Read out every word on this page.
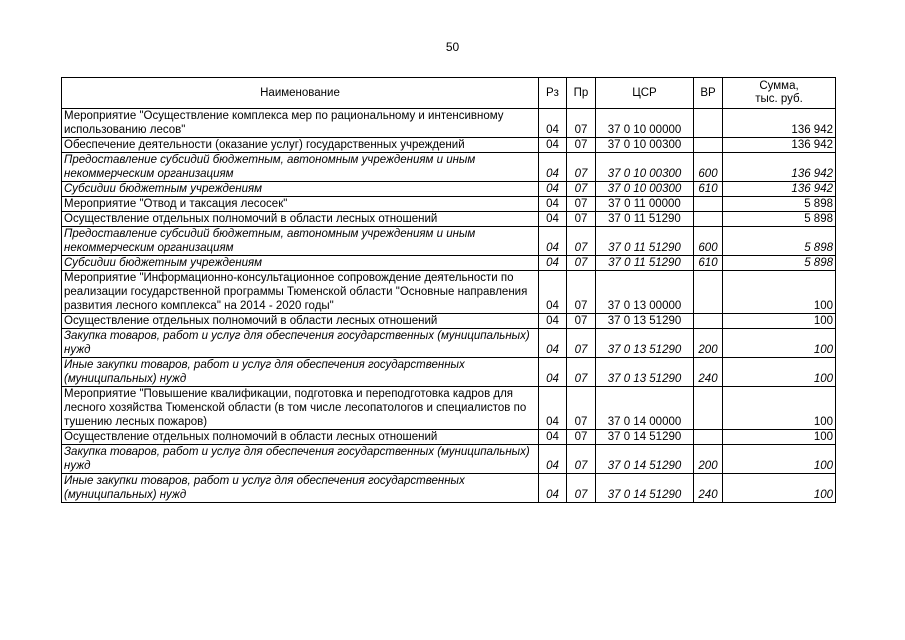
50
Наименование	Рз	Пр	ЦСР	ВР	Сумма,
тыс. руб.
Мероприятие "Осуществление комплекса мер по рациональному и интенсивному использованию лесов"	04	07	37 0 10 00000		136 942
Обеспечение деятельности (оказание услуг) государственных учреждений	04	07	37 0 10 00300		136 942
Предоставление субсидий бюджетным, автономным учреждениям и иным некоммерческим организациям	04	07	37 0 10 00300	600	136 942
Субсидии бюджетным учреждениям	04	07	37 0 10 00300	610	136 942
Мероприятие "Отвод и таксация лесосек"	04	07	37 0 11 00000		5 898
Осуществление отдельных полномочий в области лесных отношений	04	07	37 0 11 51290		5 898
Предоставление субсидий бюджетным, автономным учреждениям и иным некоммерческим организациям	04	07	37 0 11 51290	600	5 898
Субсидии бюджетным учреждениям	04	07	37 0 11 51290	610	5 898
Мероприятие "Информационно-консультационное сопровождение деятельности по реализации государственной программы Тюменской области "Основные направления развития лесного комплекса" на 2014 - 2020 годы"	04	07	37 0 13 00000		100
Осуществление отдельных полномочий в области лесных отношений	04	07	37 0 13 51290		100
Закупка товаров, работ и услуг для обеспечения государственных (муниципальных) нужд	04	07	37 0 13 51290	200	100
Иные закупки товаров, работ и услуг для обеспечения государственных (муниципальных) нужд	04	07	37 0 13 51290	240	100
Мероприятие "Повышение квалификации, подготовка и переподготовка кадров для лесного хозяйства Тюменской области (в том числе лесопатологов и специалистов по тушению лесных пожаров)	04	07	37 0 14 00000		100
Осуществление отдельных полномочий в области лесных отношений	04	07	37 0 14 51290		100
Закупка товаров, работ и услуг для обеспечения государственных (муниципальных) нужд	04	07	37 0 14 51290	200	100
Иные закупки товаров, работ и услуг для обеспечения государственных (муниципальных) нужд	04	07	37 0 14 51290	240	100
